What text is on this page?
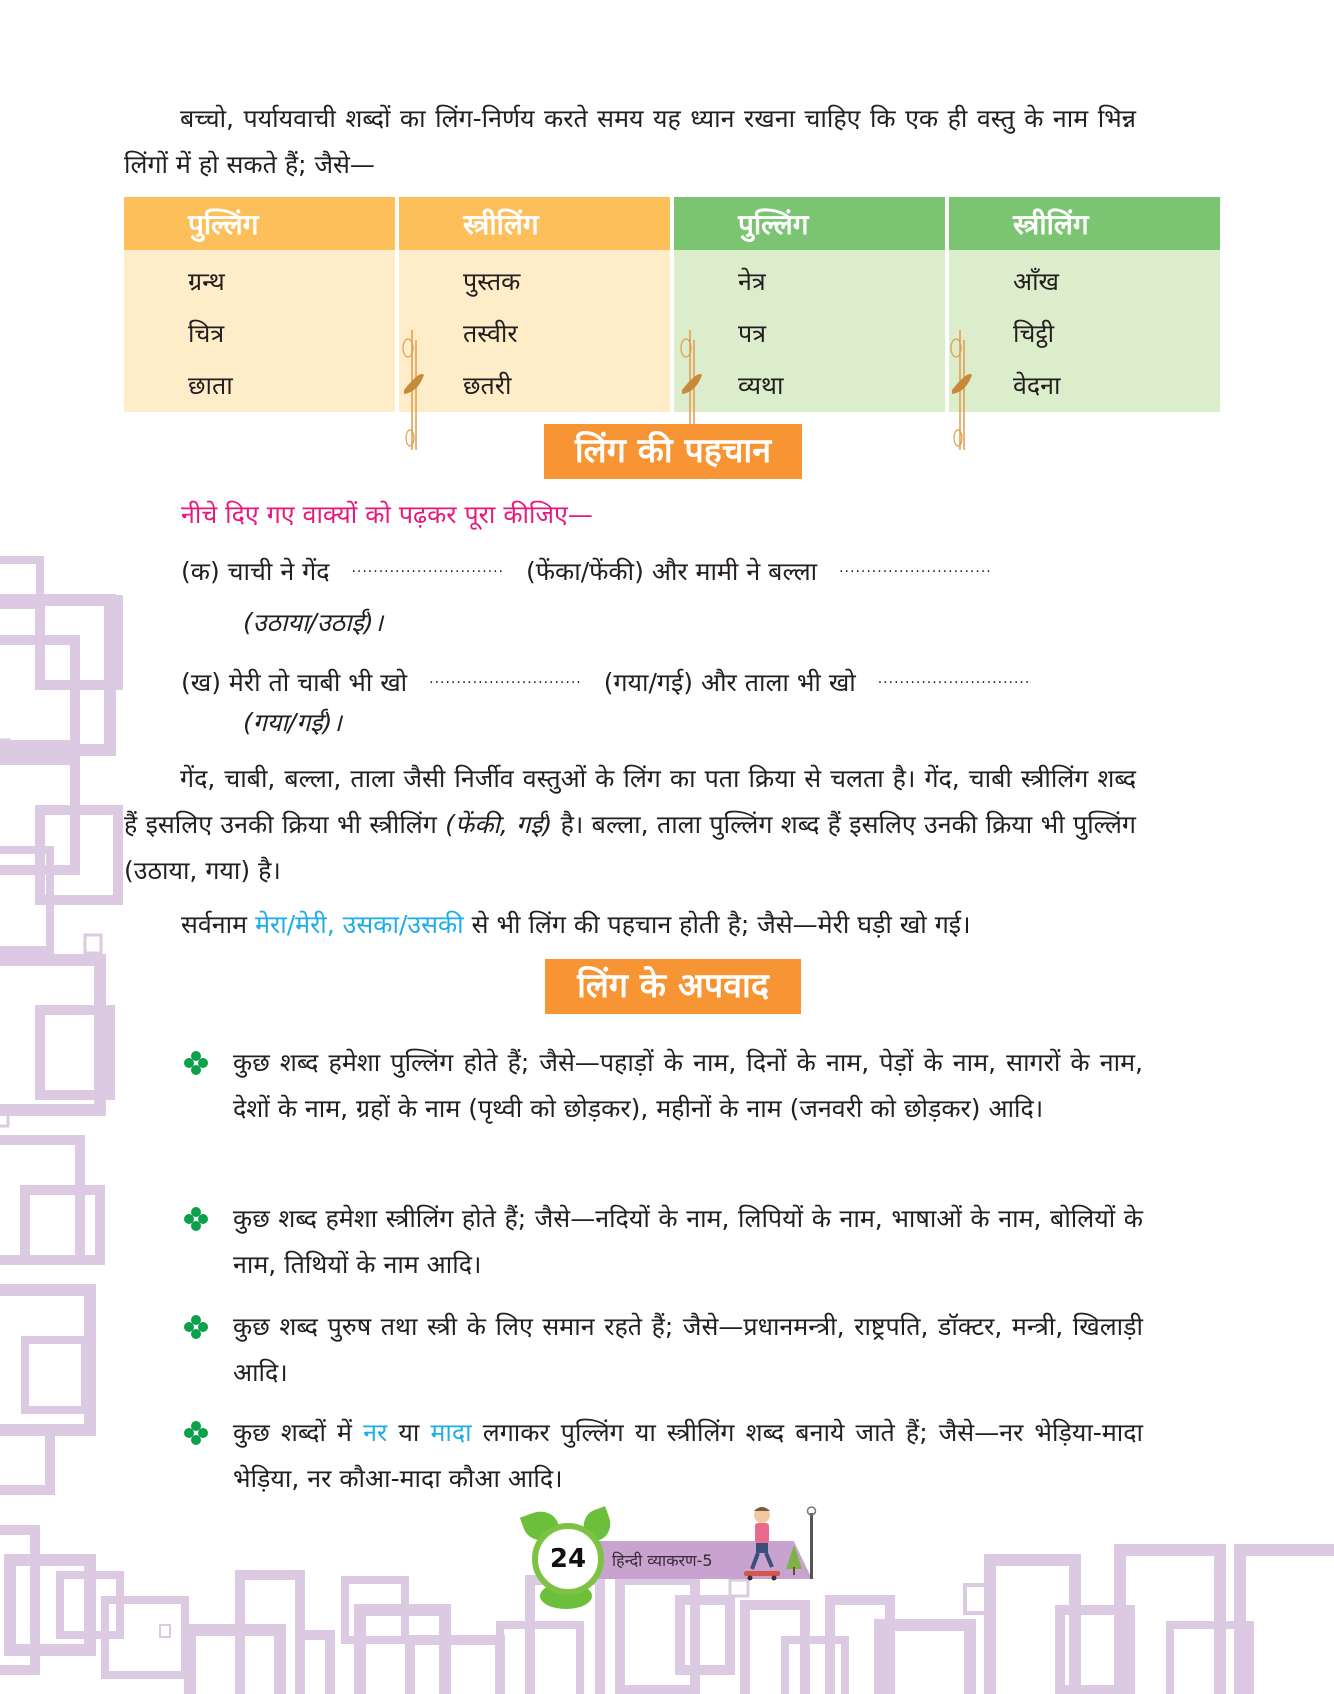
बच्चो, पर्यायवाची शब्दों का लिंग-निर्णय करते समय यह ध्यान रखना चाहिए कि एक ही वस्तु के नाम भिन्न लिंगों में हो सकते हैं; जैसे—
पुल्लिंग
ग्रन्थ
चित्र
छाता
स्त्रीलिंग
पुस्तक
तस्वीर
छतरी
पुल्लिंग
नेत्र
पत्र
व्यथा
स्त्रीलिंग
आँख
चिट्ठी
वेदना
लिंग की पहचान
नीचे दिए गए वाक्यों को पढ़कर पूरा कीजिए—
(क) चाची ने गेंद ............................ (फेंका/फेंकी) और मामी ने बल्ला ............................
(उठाया/उठाई)।
(ख) मेरी तो चाबी भी खो ............................ (गया/गई) और ताला भी खो ............................
(गया/गई)।
गेंद, चाबी, बल्ला, ताला जैसी निर्जीव वस्तुओं के लिंग का पता क्रिया से चलता है। गेंद, चाबी स्त्रीलिंग शब्द हैं इसलिए उनकी क्रिया भी स्त्रीलिंग (फेंकी, गई) है। बल्ला, ताला पुल्लिंग शब्द हैं इसलिए उनकी क्रिया भी पुल्लिंग (उठाया, गया) है।
सर्वनाम मेरा/मेरी, उसका/उसकी से भी लिंग की पहचान होती है; जैसे—मेरी घड़ी खो गई।
लिंग के अपवाद
कुछ शब्द हमेशा पुल्लिंग होते हैं; जैसे—पहाड़ों के नाम, दिनों के नाम, पेड़ों के नाम, सागरों के नाम, देशों के नाम, ग्रहों के नाम (पृथ्वी को छोड़कर), महीनों के नाम (जनवरी को छोड़कर) आदि।
कुछ शब्द हमेशा स्त्रीलिंग होते हैं; जैसे—नदियों के नाम, लिपियों के नाम, भाषाओं के नाम, बोलियों के नाम, तिथियों के नाम आदि।
कुछ शब्द पुरुष तथा स्त्री के लिए समान रहते हैं; जैसे—प्रधानमन्त्री, राष्ट्रपति, डॉक्टर, मन्त्री, खिलाड़ी आदि।
कुछ शब्दों में नर या मादा लगाकर पुल्लिंग या स्त्रीलिंग शब्द बनाये जाते हैं; जैसे—नर भेड़िया-मादा भेड़िया, नर कौआ-मादा कौआ आदि।
24	हिन्दी व्याकरण-5
